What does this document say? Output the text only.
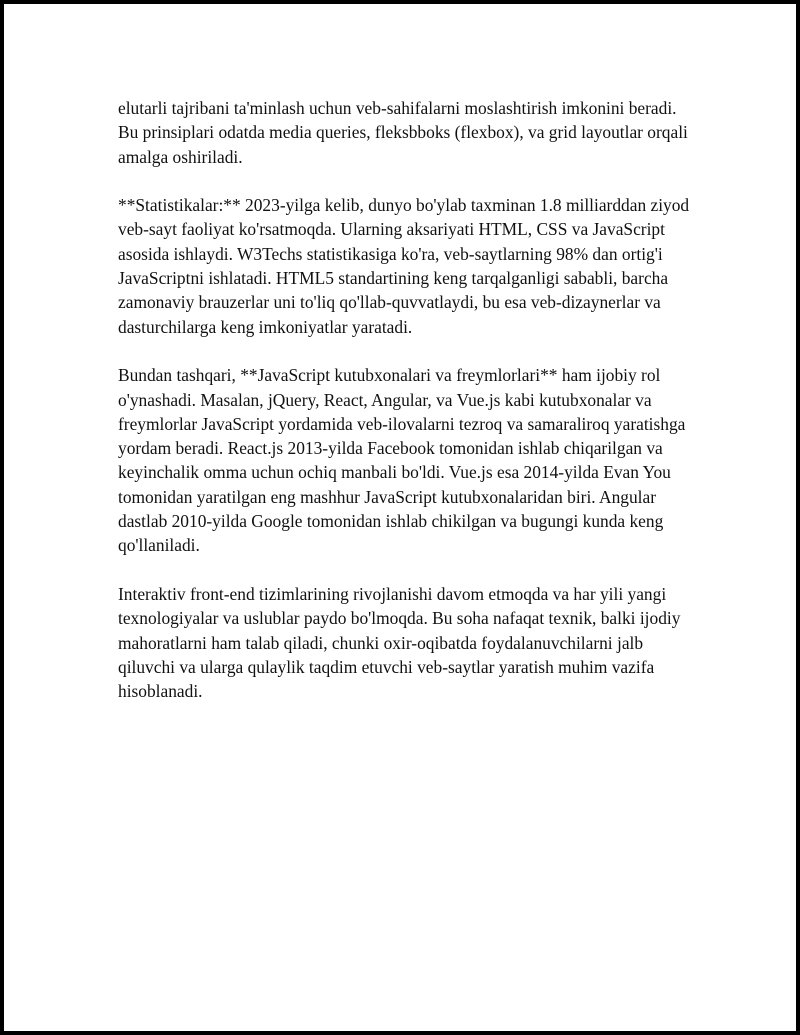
elutarli tajribani ta'minlash uchun veb-sahifalarni moslashtirish imkonini beradi. Bu prinsiplari odatda media queries, fleksbboks (flexbox), va grid layoutlar orqali amalga oshiriladi.

**Statistikalar:** 2023-yilga kelib, dunyo bo'ylab taxminan 1.8 milliarddan ziyod veb-sayt faoliyat ko'rsatmoqda. Ularning aksariyati HTML, CSS va JavaScript asosida ishlaydi. W3Techs statistikasiga ko'ra, veb-saytlarning 98% dan ortig'i JavaScriptni ishlatadi. HTML5 standartining keng tarqalganligi sababli, barcha zamonaviy brauzerlar uni to'liq qo'llab-quvvatlaydi, bu esa veb-dizaynerlar va dasturchilarga keng imkoniyatlar yaratadi.

Bundan tashqari, **JavaScript kutubxonalari va freymlorlari** ham ijobiy rol o'ynashadi. Masalan, jQuery, React, Angular, va Vue.js kabi kutubxonalar va freymlorlar JavaScript yordamida veb-ilovalarni tezroq va samaraliroq yaratishga yordam beradi. React.js 2013-yilda Facebook tomonidan ishlab chiqarilgan va keyinchalik omma uchun ochiq manbali bo'ldi. Vue.js esa 2014-yilda Evan You tomonidan yaratilgan eng mashhur JavaScript kutubxonalaridan biri. Angular dastlab 2010-yilda Google tomonidan ishlab chikilgan va bugungi kunda keng qo'llaniladi.

Interaktiv front-end tizimlarining rivojlanishi davom etmoqda va har yili yangi texnologiyalar va uslublar paydo bo'lmoqda. Bu soha nafaqat texnik, balki ijodiy mahoratlarni ham talab qiladi, chunki oxir-oqibatda foydalanuvchilarni jalb qiluvchi va ularga qulaylik taqdim etuvchi veb-saytlar yaratish muhim vazifa hisoblanadi.
